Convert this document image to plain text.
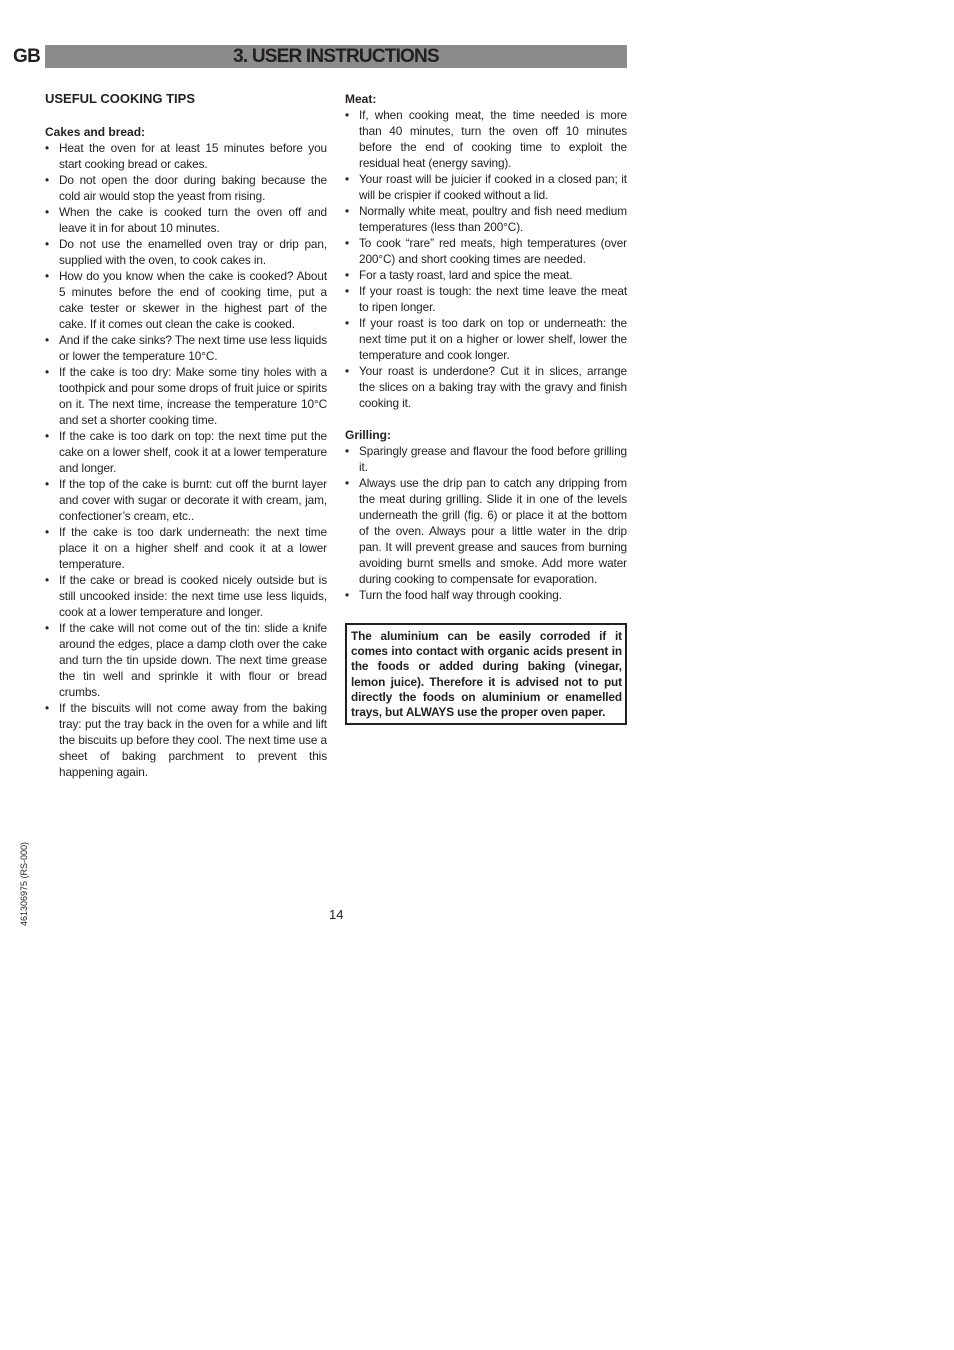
GB	3. USER INSTRUCTIONS
USEFUL COOKING TIPS
Cakes and bread:
• Heat the oven for at least 15 minutes before you start cooking bread or cakes.
• Do not open the door during baking because the cold air would stop the yeast from rising.
• When the cake is cooked turn the oven off and leave it in for about 10 minutes.
• Do not use the enamelled oven tray or drip pan, supplied with the oven, to cook cakes in.
• How do you know when the cake is cooked? About 5 minutes before the end of cooking time, put a cake tester or skewer in the highest part of the cake. If it comes out clean the cake is cooked.
• And if the cake sinks? The next time use less liquids or lower the temperature 10°C.
• If the cake is too dry: Make some tiny holes with a toothpick and pour some drops of fruit juice or spirits on it. The next time, increase the temperature 10°C and set a shorter cooking time.
• If the cake is too dark on top: the next time put the cake on a lower shelf, cook it at a lower temperature and longer.
• If the top of the cake is burnt: cut off the burnt layer and cover with sugar or decorate it with cream, jam, confectioner’s cream, etc..
• If the cake is too dark underneath: the next time place it on a higher shelf and cook it at a lower temperature.
• If the cake or bread is cooked nicely outside but is still uncooked inside: the next time use less liquids, cook at a lower temperature and longer.
• If the cake will not come out of the tin: slide a knife around the edges, place a damp cloth over the cake and turn the tin upside down. The next time grease the tin well and sprinkle it with flour or bread crumbs.
• If the biscuits will not come away from the baking tray: put the tray back in the oven for a while and lift the biscuits up before they cool. The next time use a sheet of baking parchment to prevent this happening again.
Meat:
• If, when cooking meat, the time needed is more than 40 minutes, turn the oven off 10 minutes before the end of cooking time to exploit the residual heat (energy saving).
• Your roast will be juicier if cooked in a closed pan; it will be crispier if cooked without a lid.
• Normally white meat, poultry and fish need medium temperatures (less than 200°C).
• To cook “rare” red meats, high temperatures (over 200°C) and short cooking times are needed.
• For a tasty roast, lard and spice the meat.
• If your roast is tough: the next time leave the meat to ripen longer.
• If your roast is too dark on top or underneath: the next time put it on a higher or lower shelf, lower the temperature and cook longer.
• Your roast is underdone? Cut it in slices, arrange the slices on a baking tray with the gravy and finish cooking it.
Grilling:
• Sparingly grease and flavour the food before grilling it.
• Always use the drip pan to catch any dripping from the meat during grilling. Slide it in one of the levels underneath the grill (fig. 6) or place it at the bottom of the oven. Always pour a little water in the drip pan. It will prevent grease and sauces from burning avoiding burnt smells and smoke. Add more water during cooking to compensate for evaporation.
• Turn the food half way through cooking.
The aluminium can be easily corroded if it comes into contact with organic acids present in the foods or added during baking (vinegar, lemon juice). Therefore it is advised not to put directly the foods on aluminium or enamelled trays, but ALWAYS use the proper oven paper.
14
461306975 (RS-000)
